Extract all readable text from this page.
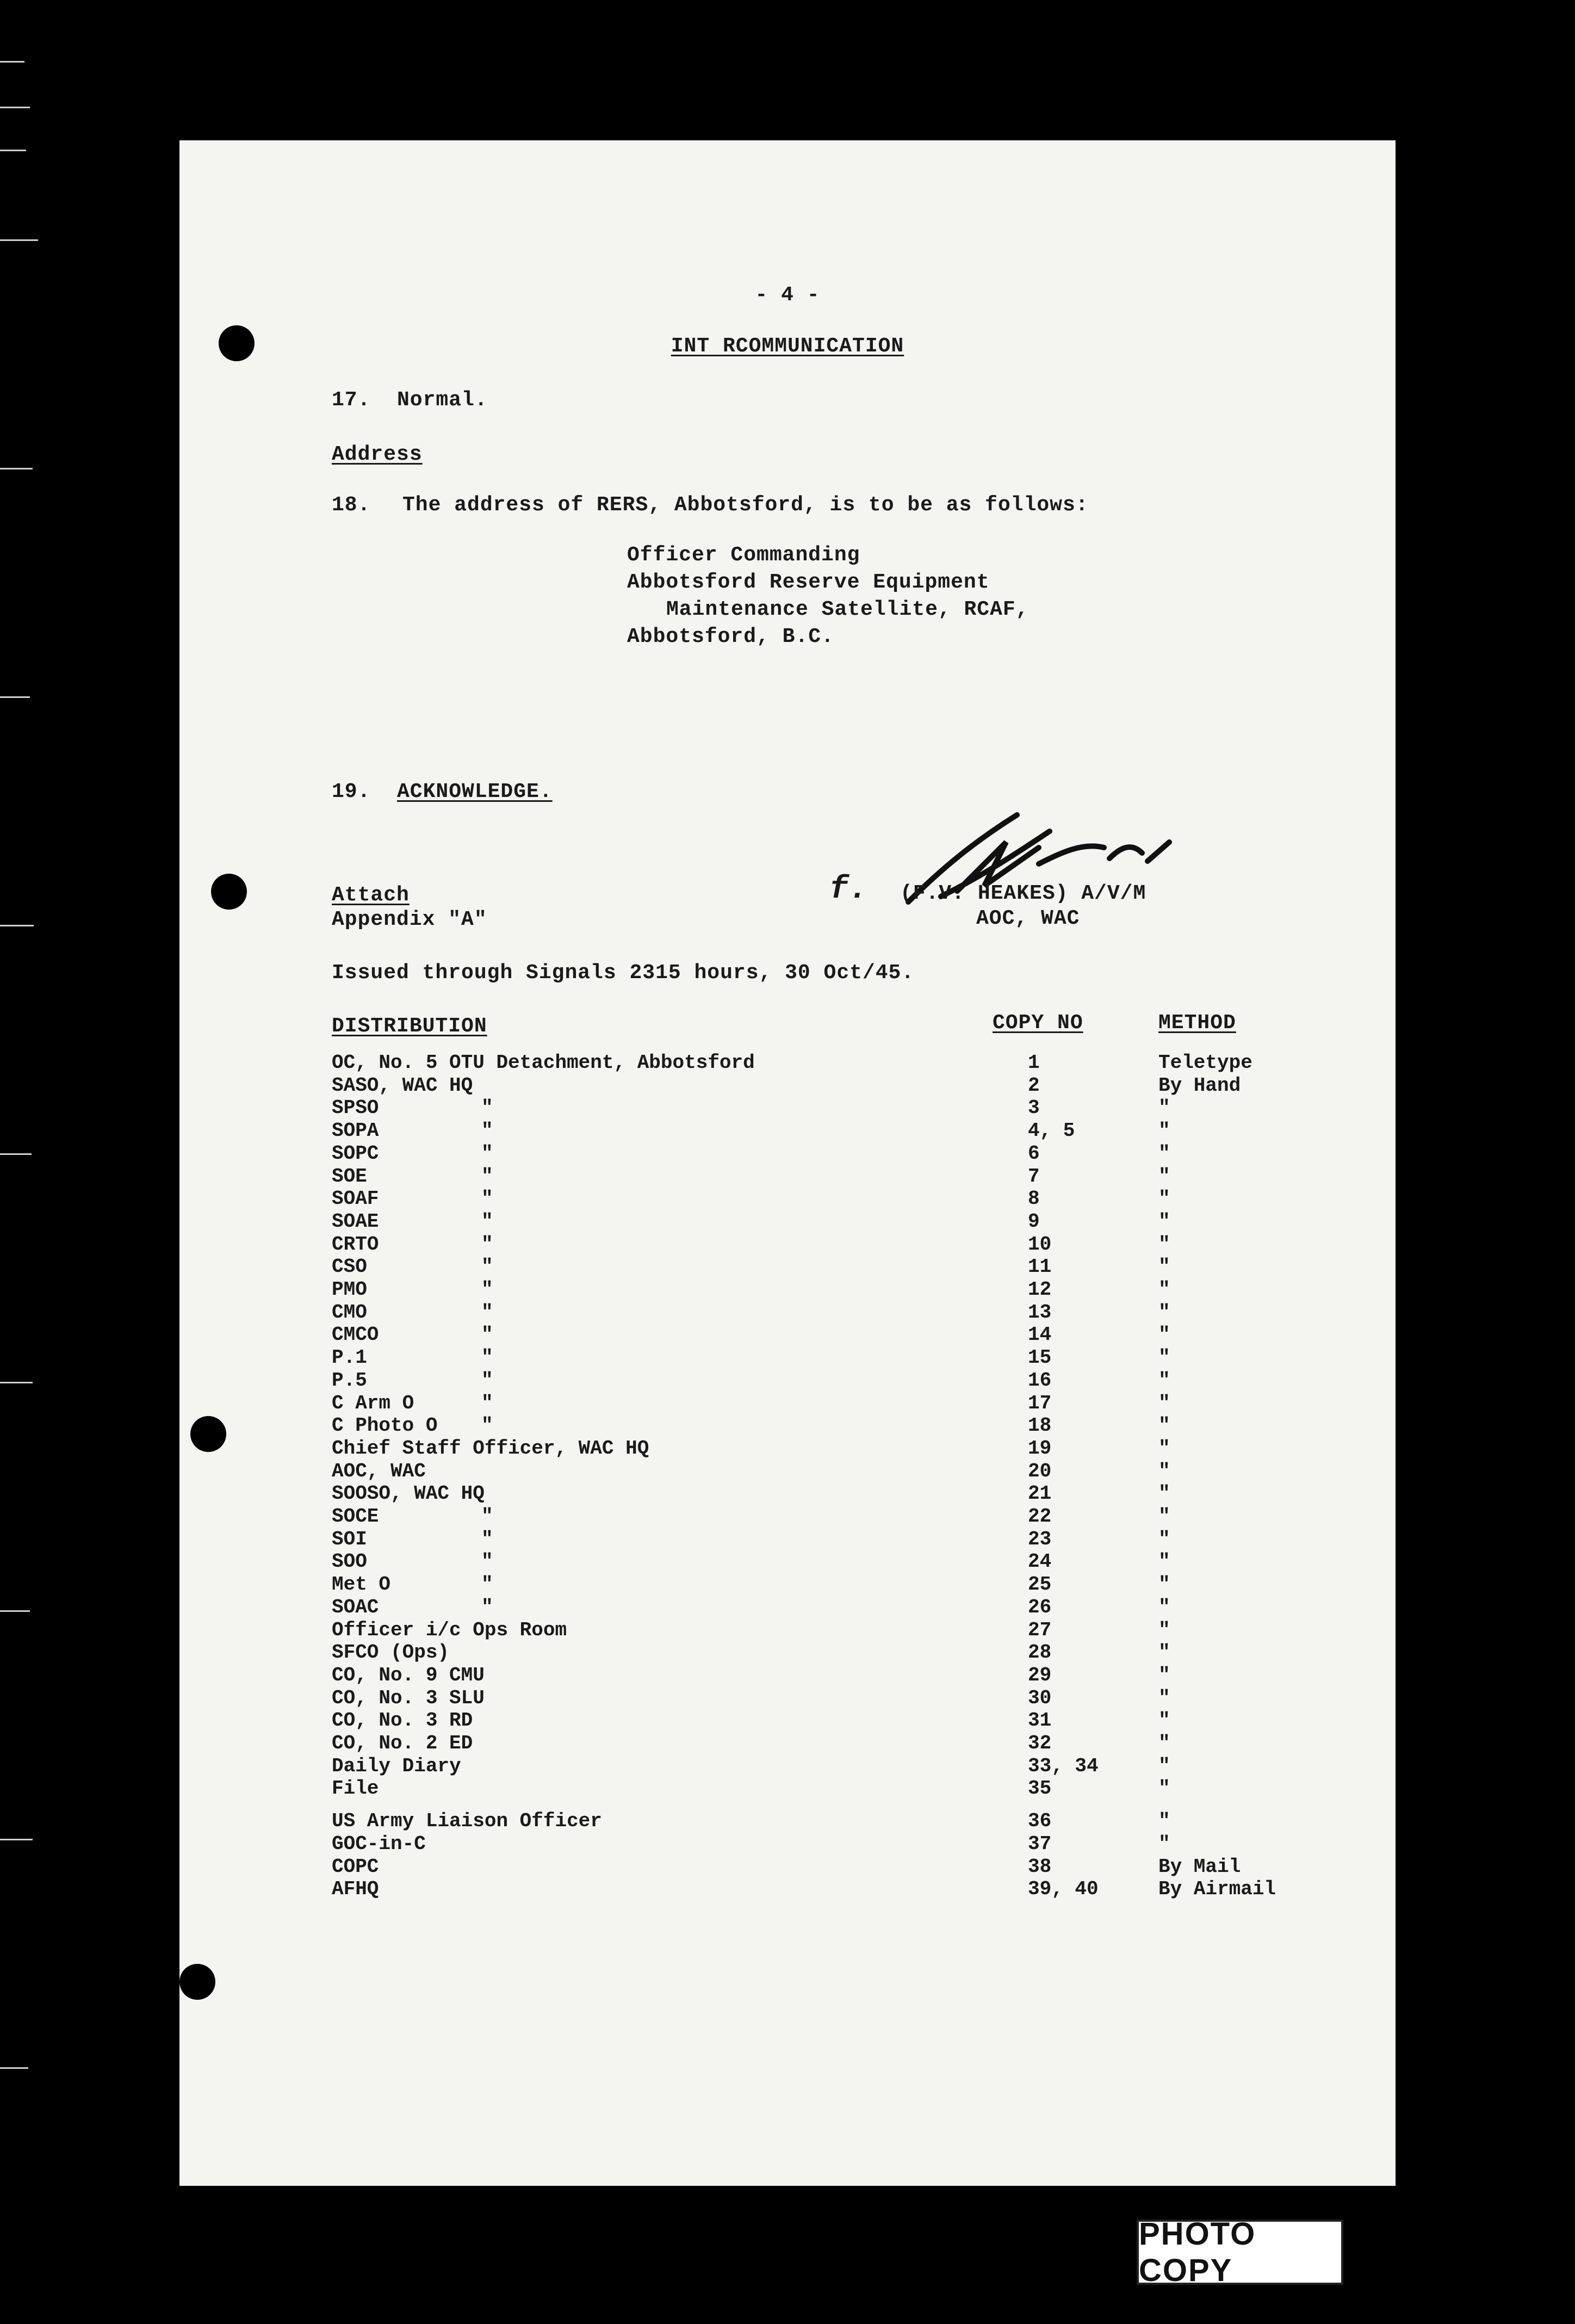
- 4 -
INT RCOMMUNICATION
17. Normal.
Address
18. The address of RERS, Abbotsford, is to be as follows:
Officer Commanding
Abbotsford Reserve Equipment
Maintenance Satellite, RCAF,
Abbotsford, B.C.
19. ACKNOWLEDGE.
Attach
Appendix "A"
f. (F.V. HEAKES) A/V/M
AOC, WAC
Issued through Signals 2315 hours, 30 Oct/45.
DISTRIBUTION	COPY NO	METHOD
OC, No. 5 OTU Detachment, Abbotsford	1	Teletype
SASO, WAC HQ	2	By Hand
SPSO	"	3	"
SOPA	"	4, 5	"
SOPC	"	6	"
SOE	"	7	"
SOAF	"	8	"
SOAE	"	9	"
CRTO	"	10	"
CSO	"	11	"
PMO	"	12	"
CMO	"	13	"
CMCO	"	14	"
P.1	"	15	"
P.5	"	16	"
C Arm O	"	17	"
C Photo O "	18	"
Chief Staff Officer, WAC HQ	19	"
AOC, WAC	20	"
SOOSO, WAC HQ	21	"
SOCE	"	22	"
SOI	"	23	"
SOO	"	24	"
Met O	"	25	"
SOAC	"	26	"
Officer i/c Ops Room	27	"
SFCO (Ops)	28	"
CO, No. 9 CMU	29	"
CO, No. 3 SLU	30	"
CO, No. 3 RD	31	"
CO, No. 2 ED	32	"
Daily Diary	33, 34	"
File	35	"
US Army Liaison Officer	36	"
GOC-in-C	37	"
COPC	38	By Mail
AFHQ	39, 40	By Airmail
PHOTO COPY
